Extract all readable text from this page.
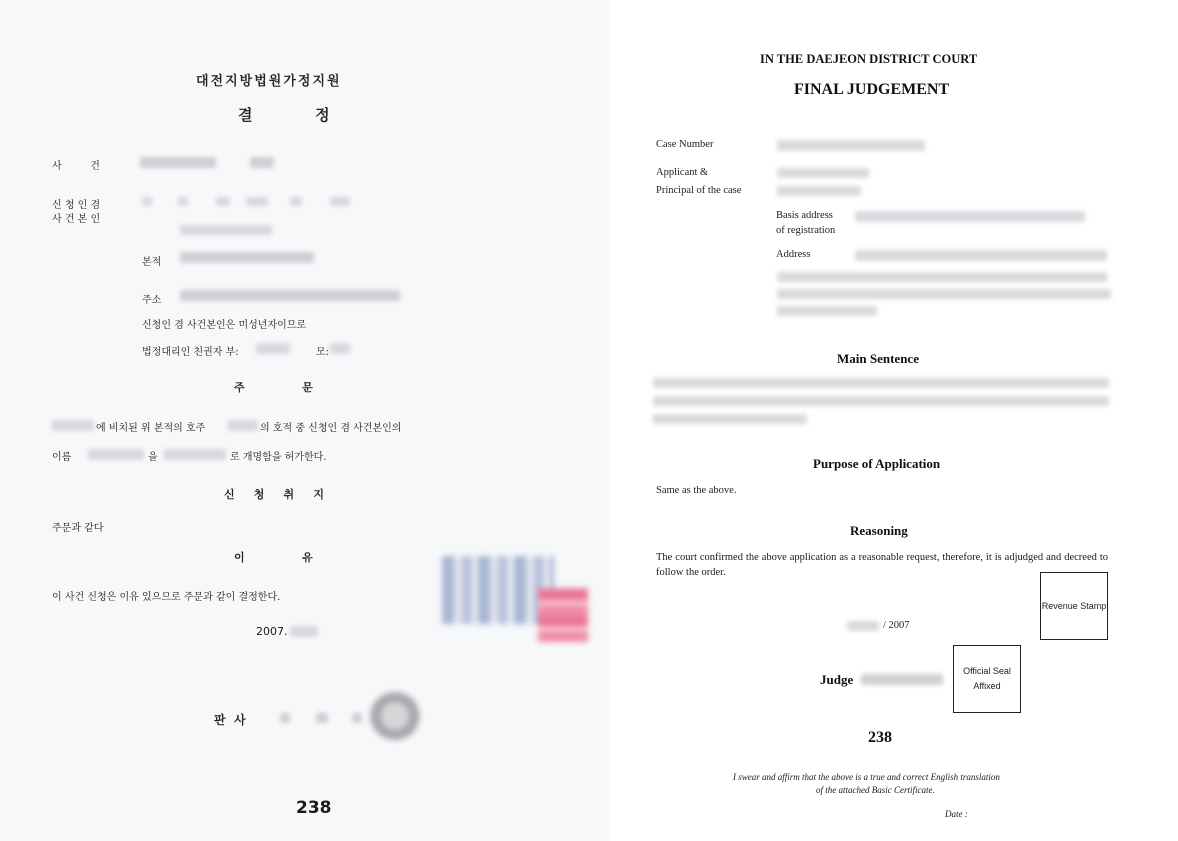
대전지방법원가정지원
결            정
사         건
신 청 인 겸
사 건 본 인
본적
주소
신청인 겸 사건본인은 미성년자이므로
법정대리인 친권자 부:	모:
주               문
에 비치된 위 본적의 호주	의 호적 중 신청인 겸 사건본인의
이름	을	로 개명함을 허가한다.
신     청     취     지
주문과 같다
이               유
이 사건 신청은 이유 있으므로 주문과 같이 결정한다.
2007.
판  사
238
IN THE DAEJEON DISTRICT COURT
FINAL JUDGEMENT
Case Number
Applicant &
Principal of the case
Basis address
of registration
Address
Main Sentence
Purpose of Application
Same as the above.
Reasoning
The court confirmed the above application as a reasonable request, therefore, it is adjudged and decreed to follow the order.
Revenue Stamp
/ 2007
Judge
Official Seal Affixed
238
I swear and affirm that the above is a true and correct English translation
of the attached Basic Certificate.
Date :
